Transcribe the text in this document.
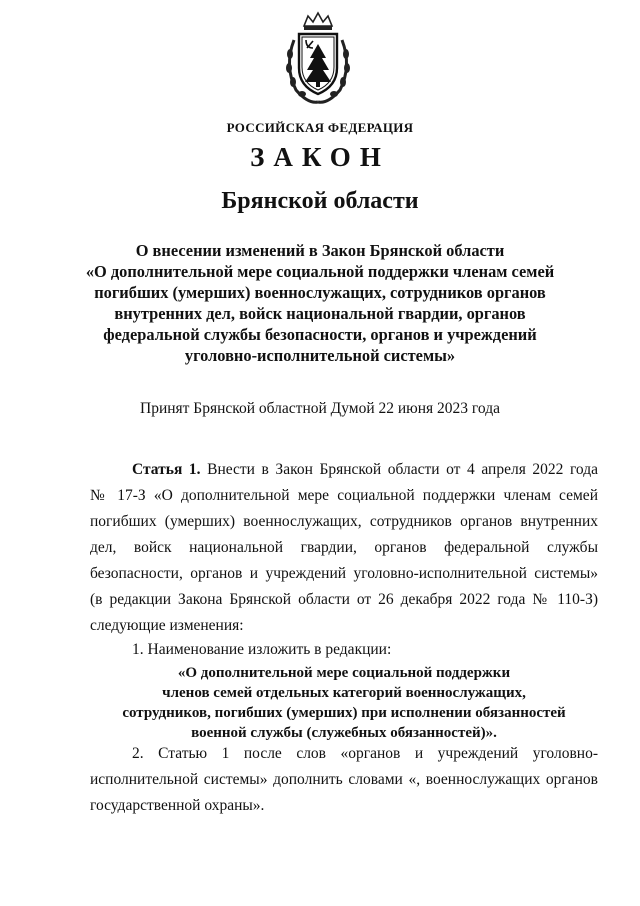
РОССИЙСКАЯ ФЕДЕРАЦИЯ
ЗАКОН
Брянской области
О внесении изменений в Закон Брянской области
«О дополнительной мере социальной поддержки членам семей
погибших (умерших) военнослужащих, сотрудников органов
внутренних дел, войск национальной гвардии, органов
федеральной службы безопасности, органов и учреждений
уголовно-исполнительной системы»
Принят Брянской областной Думой 22 июня 2023 года
Статья 1. Внести в Закон Брянской области от 4 апреля 2022 года
№ 17-З «О дополнительной мере социальной поддержки членам семей
погибших (умерших) военнослужащих, сотрудников органов внутренних
дел, войск национальной гвардии, органов федеральной службы
безопасности, органов и учреждений уголовно-исполнительной системы»
(в редакции Закона Брянской области от 26 декабря 2022 года № 110-З)
следующие изменения:
1. Наименование изложить в редакции:
«О дополнительной мере социальной поддержки
членов семей отдельных категорий военнослужащих,
сотрудников, погибших (умерших) при исполнении обязанностей
военной службы (служебных обязанностей)».
2. Статью 1 после слов «органов и учреждений уголовно-
исполнительной системы» дополнить словами «, военнослужащих органов
государственной охраны».
